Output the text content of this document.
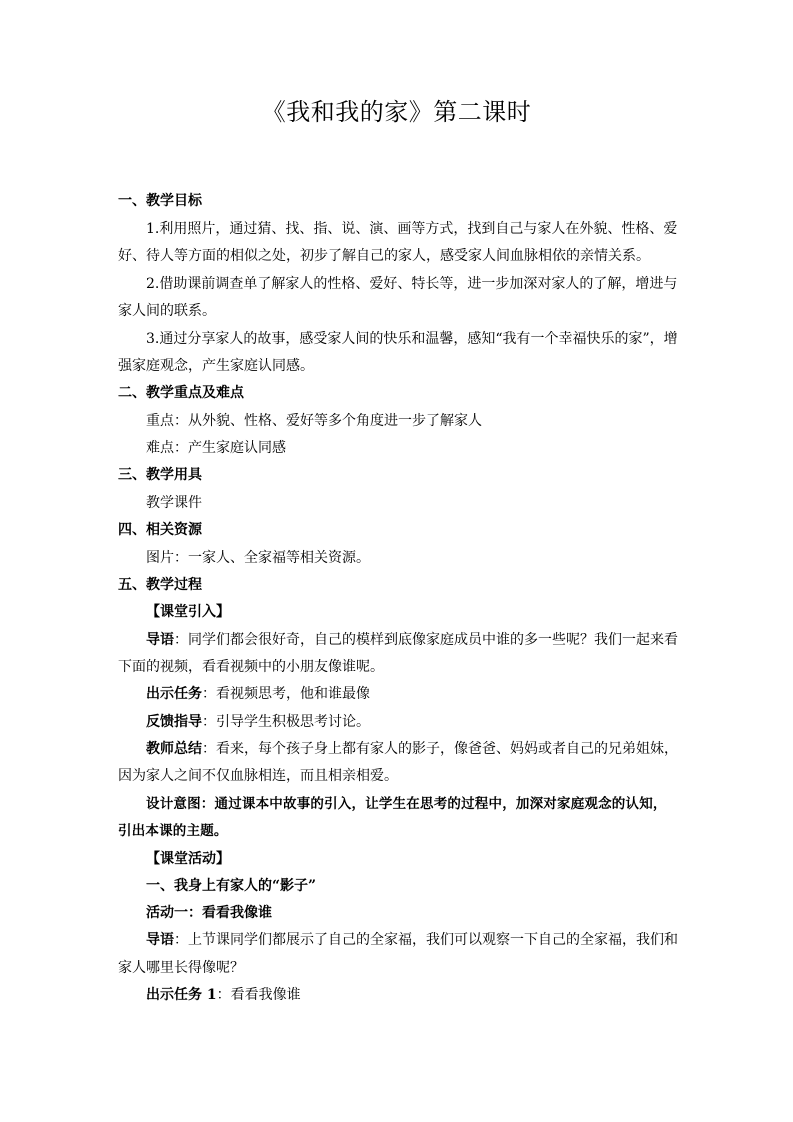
《我和我的家》第二课时
一、教学目标
1.利用照片，通过猜、找、指、说、演、画等方式，找到自己与家人在外貌、性格、爱
好、待人等方面的相似之处，初步了解自己的家人，感受家人间血脉相依的亲情关系。
2.借助课前调查单了解家人的性格、爱好、特长等，进一步加深对家人的了解，增进与
家人间的联系。
3.通过分享家人的故事，感受家人间的快乐和温馨，感知“我有一个幸福快乐的家”，增
强家庭观念，产生家庭认同感。
二、教学重点及难点
重点：从外貌、性格、爱好等多个角度进一步了解家人
难点：产生家庭认同感
三、教学用具
教学课件
四、相关资源
图片：一家人、全家福等相关资源。
五、教学过程
【课堂引入】
导语：同学们都会很好奇，自己的模样到底像家庭成员中谁的多一些呢？我们一起来看
下面的视频，看看视频中的小朋友像谁呢。
出示任务：看视频思考，他和谁最像
反馈指导：引导学生积极思考讨论。
教师总结：看来，每个孩子身上都有家人的影子，像爸爸、妈妈或者自己的兄弟姐妹，
因为家人之间不仅血脉相连，而且相亲相爱。
设计意图：通过课本中故事的引入，让学生在思考的过程中，加深对家庭观念的认知，
引出本课的主题。
【课堂活动】
一、我身上有家人的“影子”
活动一：看看我像谁
导语：上节课同学们都展示了自己的全家福，我们可以观察一下自己的全家福，我们和
家人哪里长得像呢？
出示任务 1：看看我像谁
